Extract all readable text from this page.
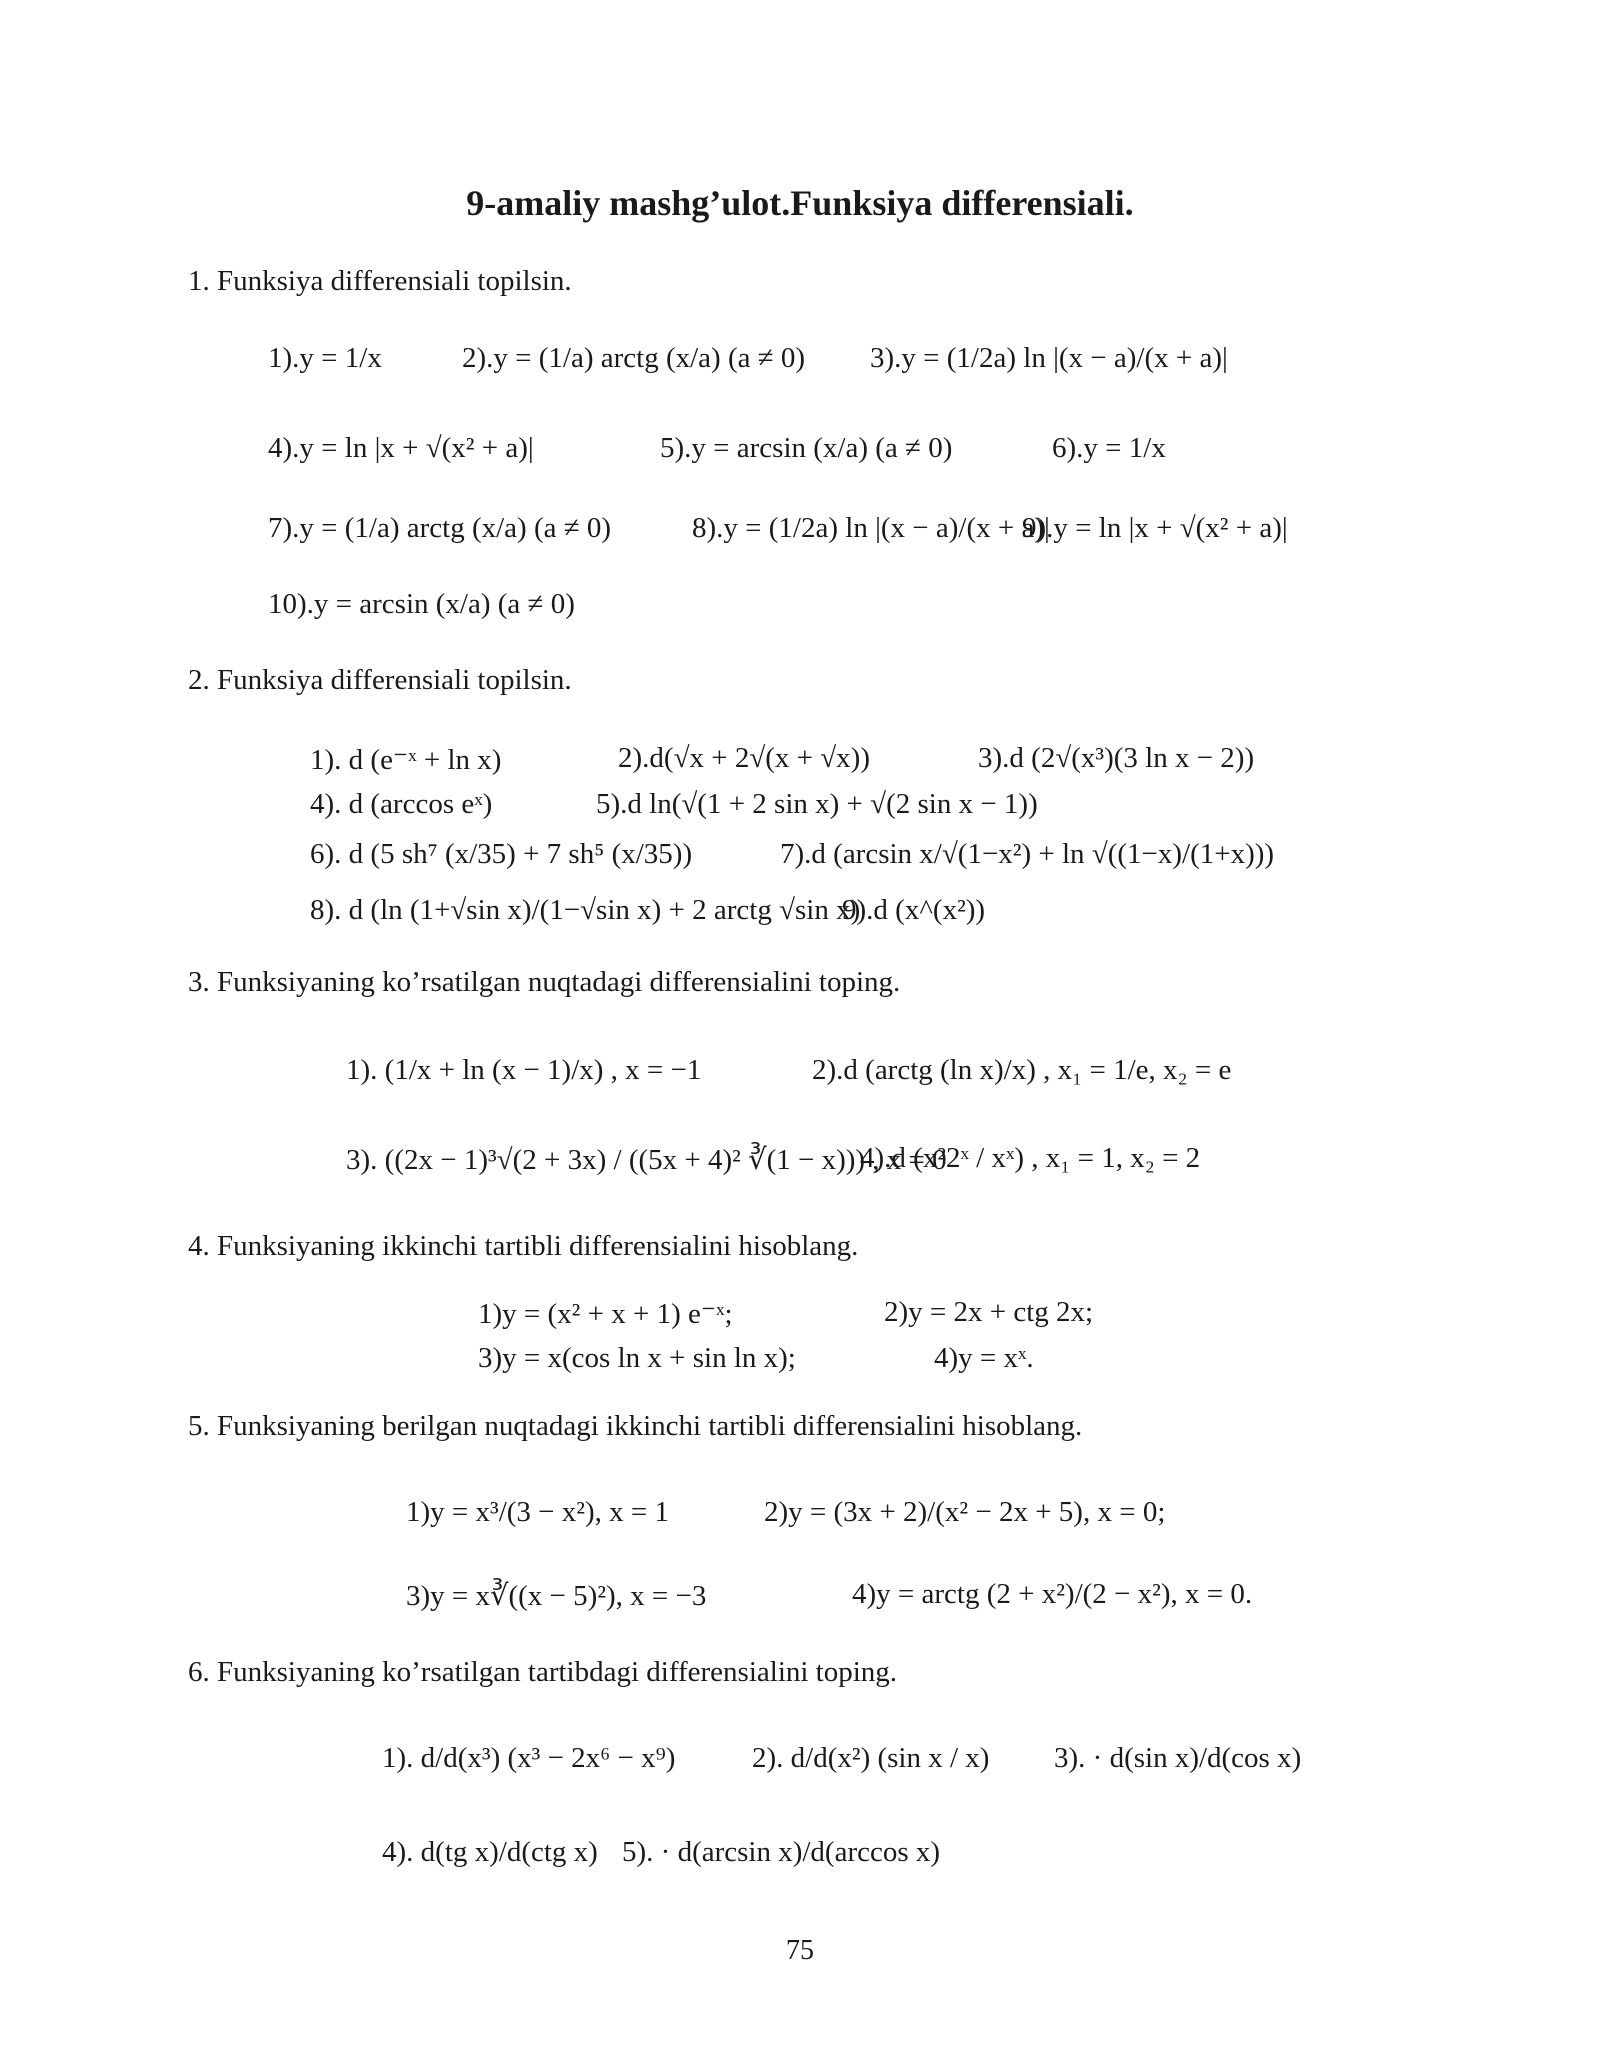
9-amaliy mashg’ulot.Funksiya differensiali.
1. Funksiya differensiali topilsin.
1).y = 1/x	2).y = (1/a) arctg (x/a) (a ≠ 0) 3).y = (1/2a) ln |(x − a)/(x + a)|
4).y = ln |x + √(x² + a)|	5).y = arcsin (x/a) (a ≠ 0)	6).y = 1/x
7).y = (1/a) arctg (x/a) (a ≠ 0)	8).y = (1/2a) ln |(x − a)/(x + a)|
9).y = ln |x + √(x² + a)|
10).y = arcsin (x/a) (a ≠ 0)
2. Funksiya differensiali topilsin.
1). d (e⁻ˣ + ln x)	2).d(√x + 2√(x + √x))	3).d (2√(x³)(3 ln x − 2))
4). d (arccos eˣ)	5).d ln(√(1 + 2 sin x) + √(2 sin x − 1))
6). d (5 sh⁷ (x/35) + 7 sh⁵ (x/35))	7).d (arcsin x/√(1−x²) + ln √((1−x)/(1+x)))
8). d (ln (1+√sin x)/(1−√sin x) + 2 arctg √sin x)
9).d (x^(x²))
3. Funksiyaning ko’rsatilgan nuqtadagi differensialini toping.
1). (1/x + ln (x − 1)/x) , x = −1	2).d (arctg (ln x)/x) , x₁ = 1/e, x₂ = e
3). ((2x − 1)³√(2 + 3x) / ((5x + 4)² ∛(1 − x))) , x = 0
4).d (x²2ˣ / xˣ) , x₁ = 1, x₂ = 2
4. Funksiyaning ikkinchi tartibli differensialini hisoblang.
1)y = (x² + x + 1) e⁻ˣ;	2)y = 2x + ctg 2x;
3)y = x(cos ln x + sin ln x);	4)y = xˣ.
5. Funksiyaning berilgan nuqtadagi ikkinchi tartibli differensialini hisoblang.
1)y = x³/(3 − x²), x = 1	2)y = (3x + 2)/(x² − 2x + 5), x = 0;
3)y = x∛((x − 5)²), x = −3	4)y = arctg (2 + x²)/(2 − x²), x = 0.
6. Funksiyaning ko’rsatilgan tartibdagi differensialini toping.
1). d/d(x³) (x³ − 2x⁶ − x⁹)	2). d/d(x²) (sin x / x) 3). · d(sin x)/d(cos x)
4). d(tg x)/d(ctg x) 5). · d(arcsin x)/d(arccos x)
75
